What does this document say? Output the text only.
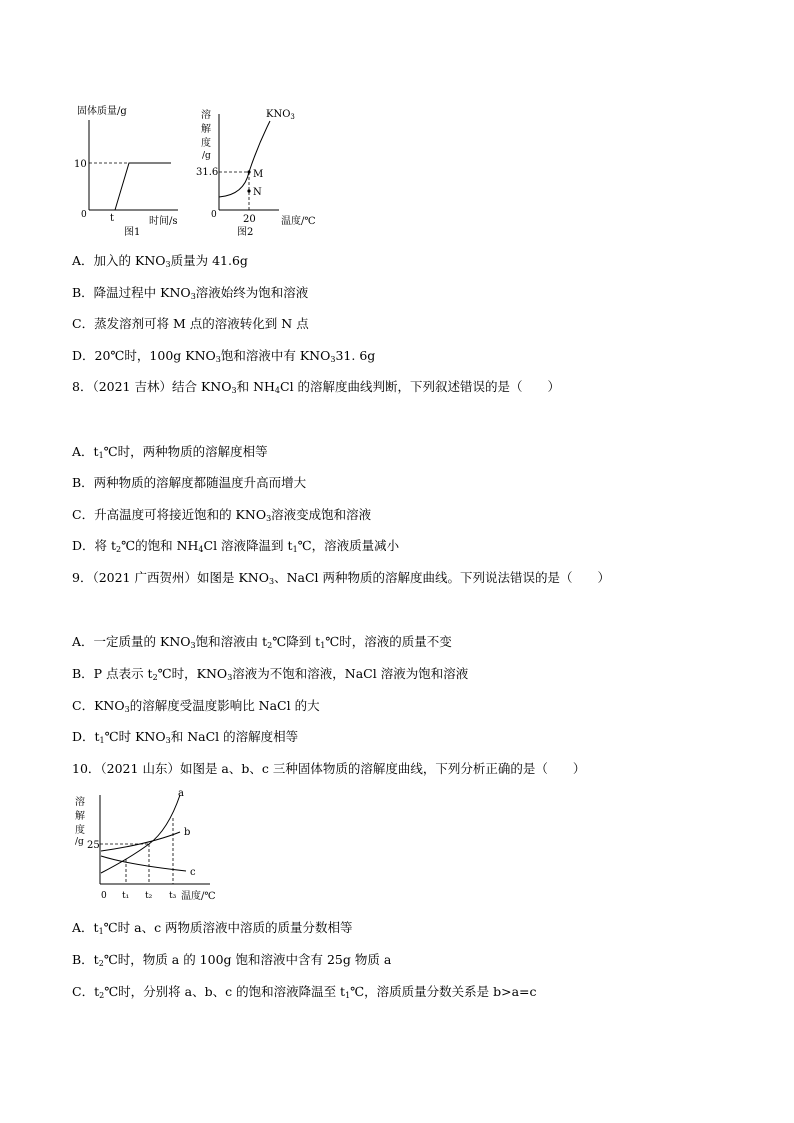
固体质量/g
10
0 t	时间/s
图1
溶
解
度
/g
$KNO_3$
31.6	M
N
0	20	温度/℃
图2
A．加入的 $KNO_3$质量为 41.6g
B．降温过程中 $KNO_3$溶液始终为饱和溶液
C．蒸发溶剂可将 M 点的溶液转化到 N 点
D．20℃时，100g $KNO_3$饱和溶液中有 $KNO_331$. 6g
8．（2021 吉林）结合 $KNO_3$和 $NH_4Cl$ 的溶解度曲线判断，下列叙述错误的是（　　）
A．$t_1℃$时，两种物质的溶解度相等
B．两种物质的溶解度都随温度升高而增大
C．升高温度可将接近饱和的 $KNO_3$溶液变成饱和溶液
D．将 $t_2℃$的饱和 $NH_4Cl$ 溶液降温到 $t_1℃$，溶液质量减小
9．（2021 广西贺州）如图是 $KNO_3$、NaCl 两种物质的溶解度曲线。下列说法错误的是（　　）
A．一定质量的 $KNO_3$饱和溶液由 $t_2℃$降到 $t_1℃$时，溶液的质量不变
B．P 点表示 $t_2℃$时，$KNO_3$溶液为不饱和溶液，NaCl 溶液为饱和溶液
C．$KNO_3$的溶解度受温度影响比 NaCl 的大
D．$t_1℃$时 $KNO_3$和 NaCl 的溶解度相等
10．（2021 山东）如图是 a、b、c 三种固体物质的溶解度曲线，下列分析正确的是（　　）
溶
解
度
/g
a
b
c
25
0 t₁ t₂ t₃ 温度/℃
A．$t_1℃$时 a、c 两物质溶液中溶质的质量分数相等
B．$t_2℃$时，物质 a 的 100g 饱和溶液中含有 25g 物质 a
C．$t_2℃$时，分别将 a、b、c 的饱和溶液降温至 $t_1℃$，溶质质量分数关系是 b>a=c
